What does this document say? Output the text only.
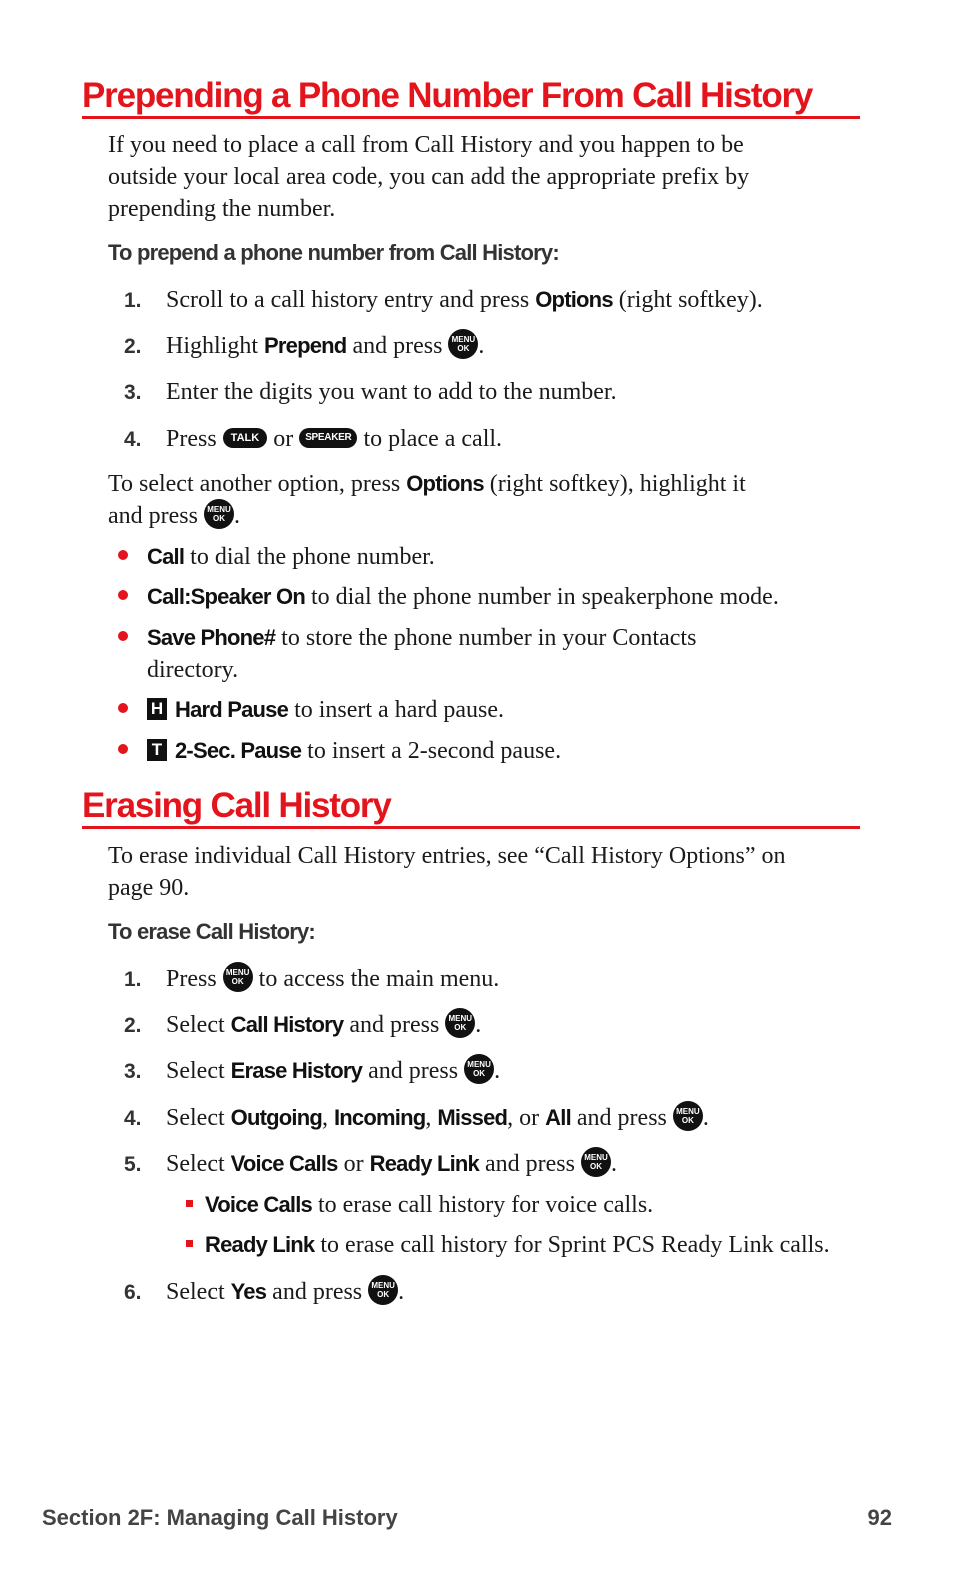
Prepending a Phone Number From Call History
If you need to place a call from Call History and you happen to be
outside your local area code, you can add the appropriate prefix by
prepending the number.
To prepend a phone number from Call History:
1. Scroll to a call history entry and press Options (right softkey).
2. Highlight Prepend and press MENU
OK .
3. Enter the digits you want to add to the number.
4. Press TALK or SPEAKER to place a call.
To select another option, press Options (right softkey), highlight it
and press MENU
OK .
Call to dial the phone number.
Call:Speaker On to dial the phone number in speakerphone mode.
Save Phone# to store the phone number in your Contacts
directory.
H Hard Pause to insert a hard pause.
T 2-Sec. Pause to insert a 2-second pause.
Erasing Call History
To erase individual Call History entries, see “Call History Options” on
page 90.
To erase Call History:
1. Press MENU
OK to access the main menu.
2. Select Call History and press MENU
OK .
3. Select Erase History and press MENU
OK .
4. Select Outgoing, Incoming, Missed, or All and press MENU
OK .
5. Select Voice Calls or Ready Link and press MENU
OK .
Voice Calls to erase call history for voice calls.
Ready Link to erase call history for Sprint PCS Ready Link calls.
6. Select Yes and press MENU
OK .
Section 2F: Managing Call History	92
